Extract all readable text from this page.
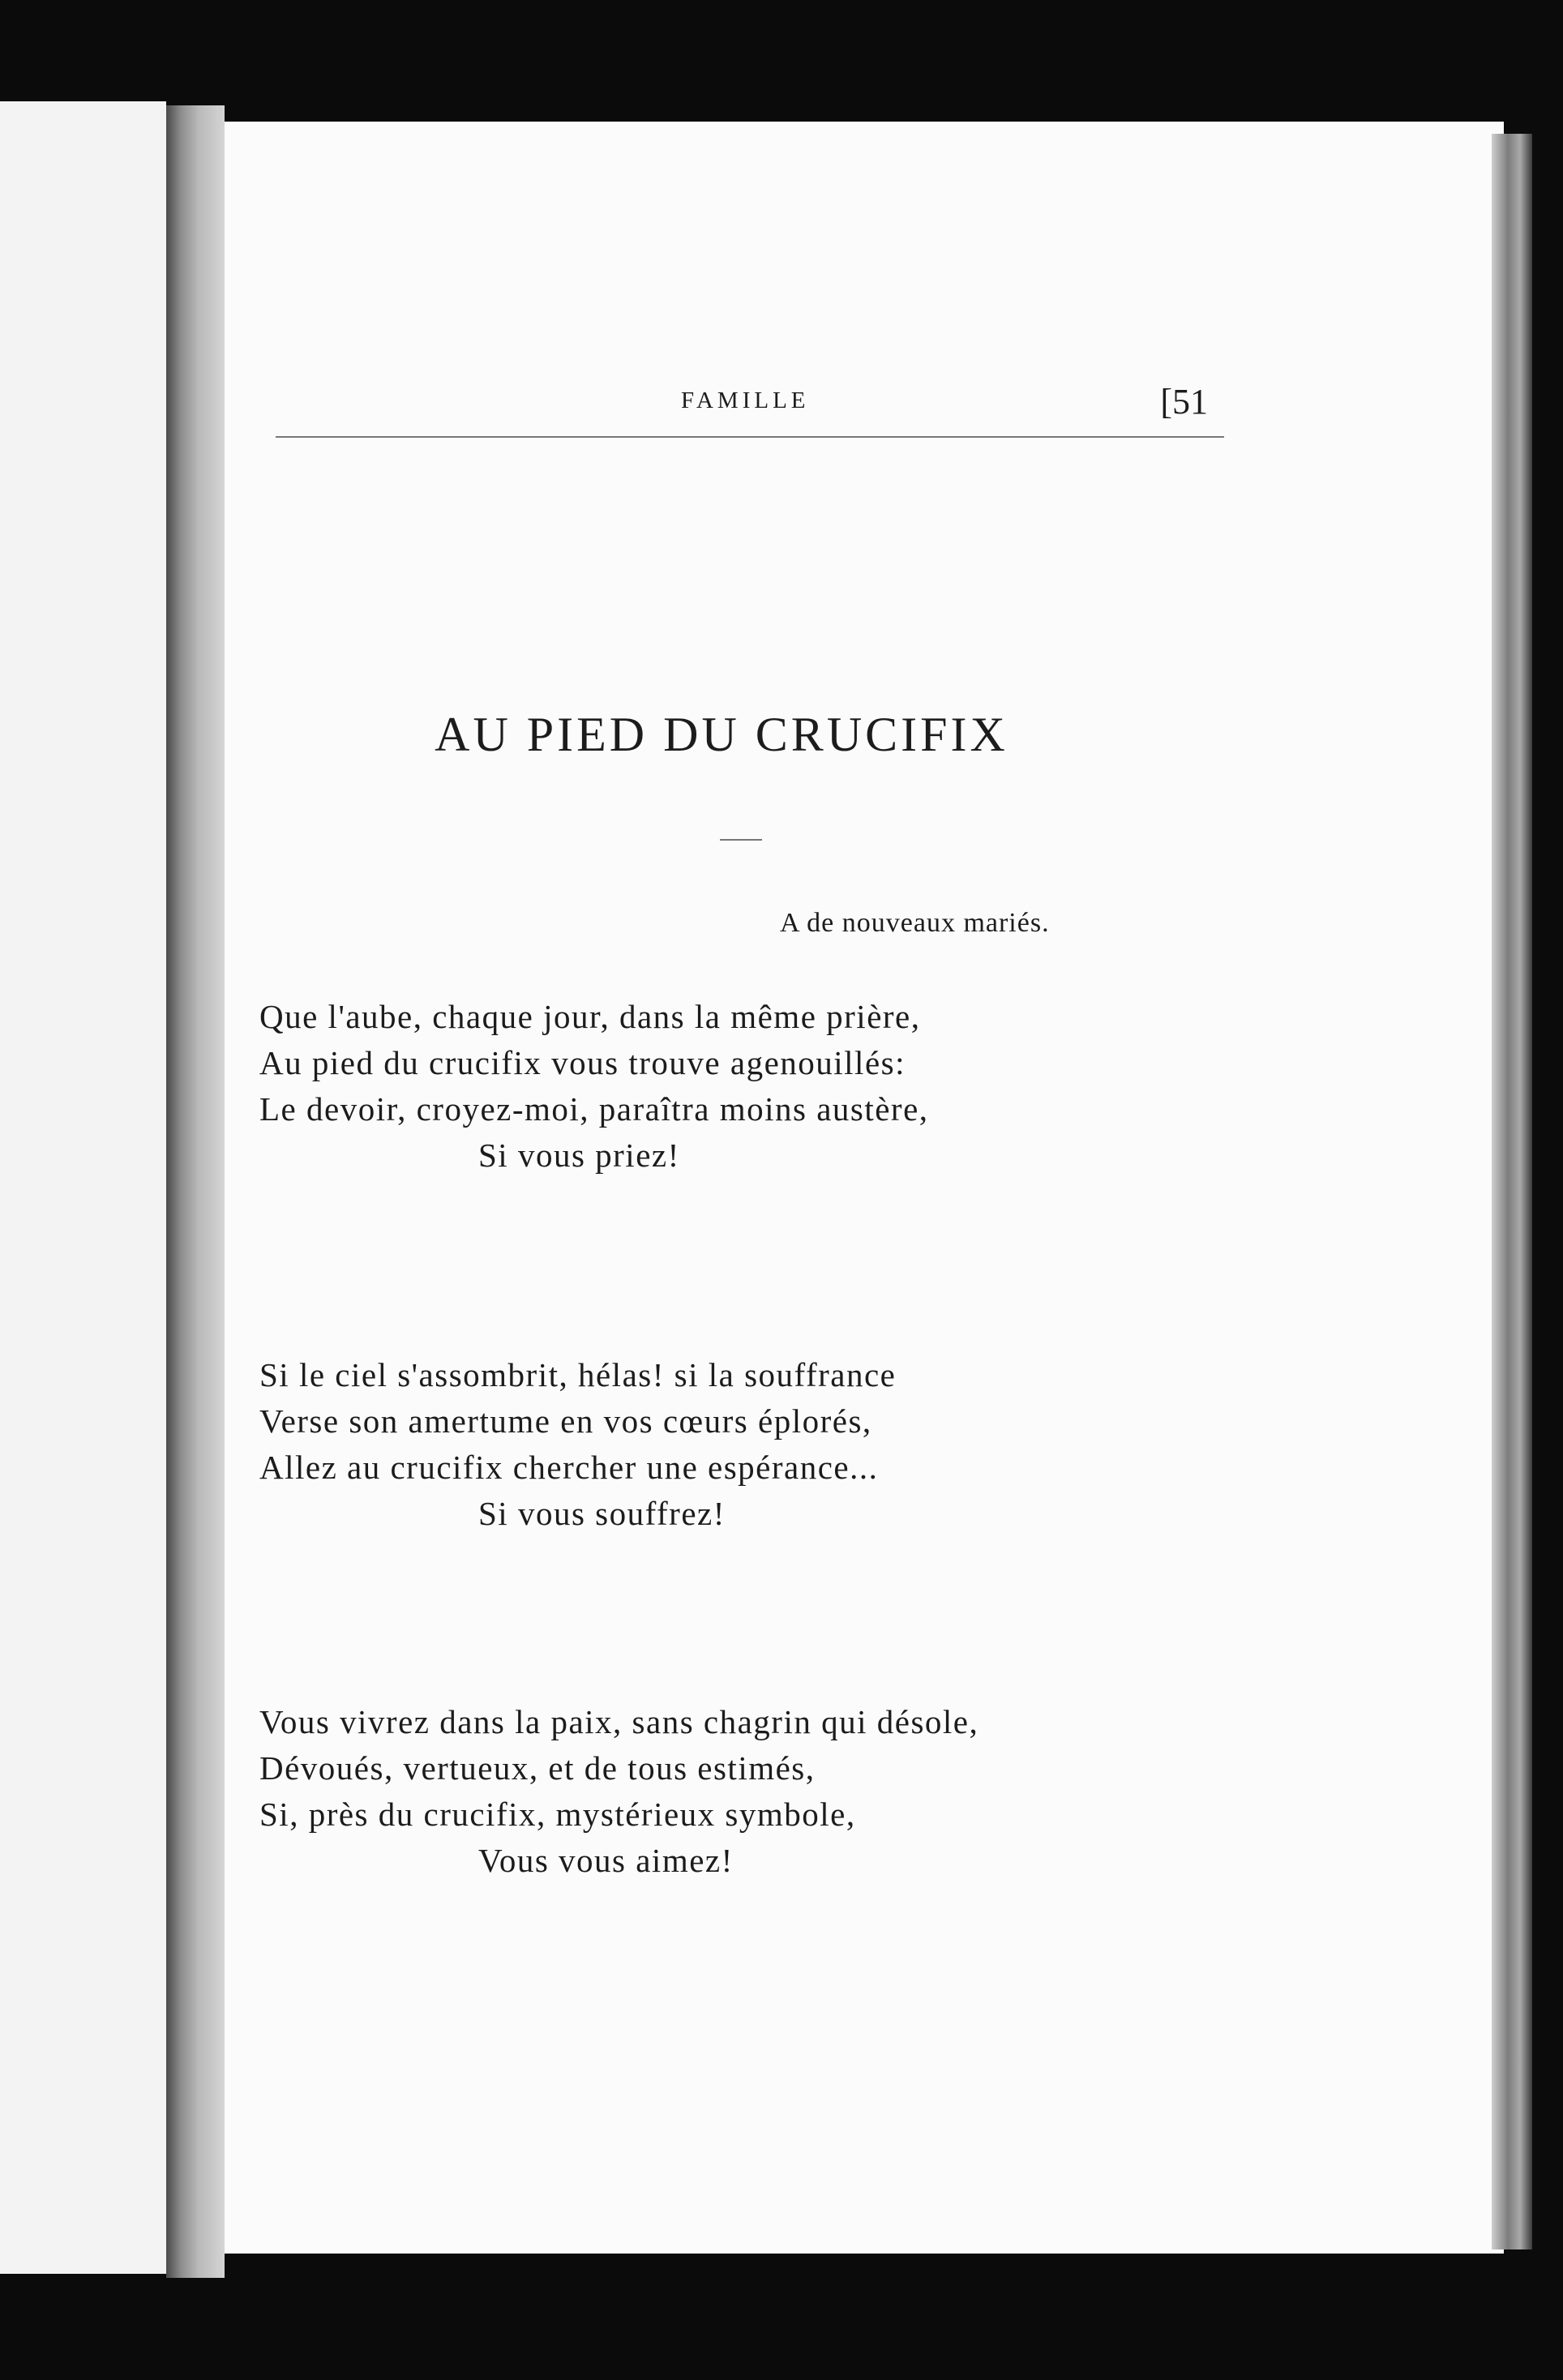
FAMILLE	[51
AU PIED DU CRUCIFIX
A de nouveaux mariés.
Que l'aube, chaque jour, dans la même prière,
Au pied du crucifix vous trouve agenouillés:
Le devoir, croyez-moi, paraîtra moins austère,
Si vous priez!
Si le ciel s'assombrit, hélas! si la souffrance
Verse son amertume en vos cœurs éplorés,
Allez au crucifix chercher une espérance...
Si vous souffrez!
Vous vivrez dans la paix, sans chagrin qui désole,
Dévoués, vertueux, et de tous estimés,
Si, près du crucifix, mystérieux symbole,
Vous vous aimez!
